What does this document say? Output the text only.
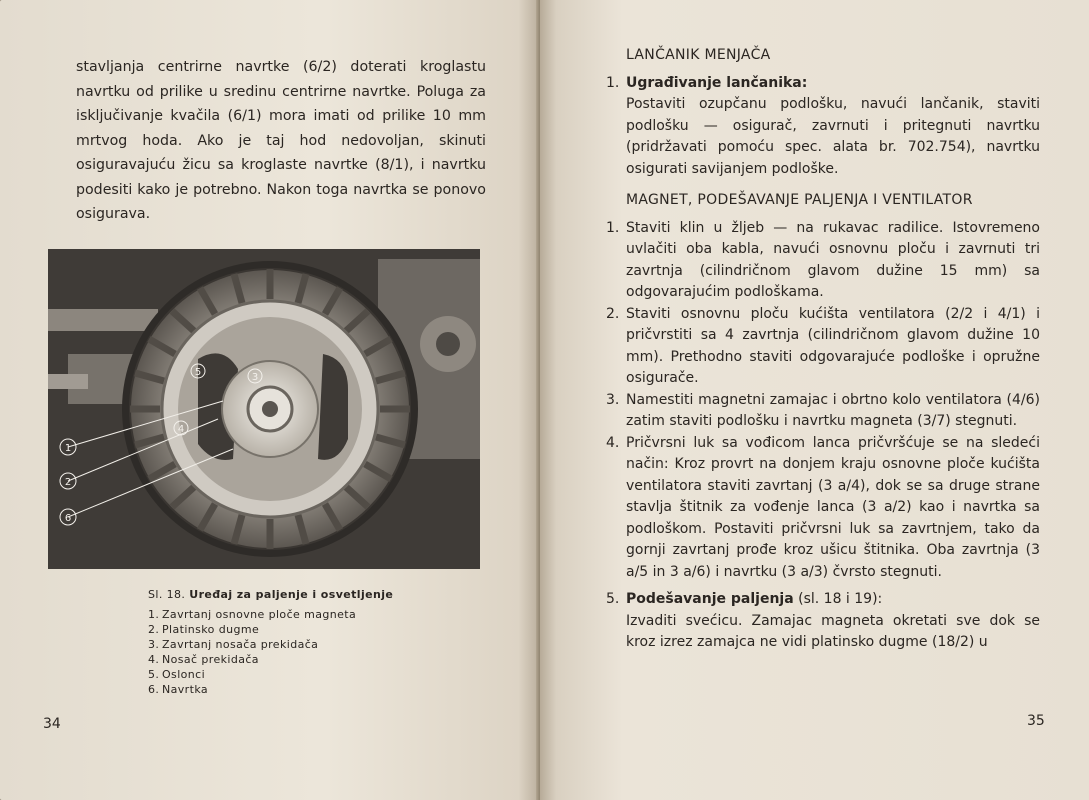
stavljanja centrirne navrtke (6/2) doterati kroglastu navrtku od prilike u sredinu centrirne navrtke. Poluga za isključivanje kvačila (6/1) mora imati od prilike 10 mm mrtvog hoda. Ako je taj hod nedovoljan, skinuti osiguravajuću žicu sa kroglaste navrtke (8/1), i navrtku podesiti kako je potrebno. Nakon toga navrtka se ponovo osigurava.
1
2
6
3
5
4
Sl. 18. Uređaj za paljenje i osvetljenje
1. Zavrtanj osnovne ploče magneta
2. Platinsko dugme
3. Zavrtanj nosača prekidača
4. Nosač prekidača
5. Oslonci
6. Navrtka
34
LANČANIK MENJAČA
1. Ugrađivanje lančanika:
Postaviti ozupčanu podlošku, navući lančanik, staviti podlošku — osigurač, zavrnuti i pritegnuti navrtku (pridržavati pomoću spec. alata br. 702.754), navrtku osigurati savijanjem podloške.
MAGNET, PODEŠAVANJE PALJENJA I VENTILATOR
1. Staviti klin u žljeb — na rukavac radilice. Istovremeno uvlačiti oba kabla, navući osnovnu ploču i zavrnuti tri zavrtnja (cilindričnom glavom dužine 15 mm) sa odgovarajućim podloškama.
2. Staviti osnovnu ploču kućišta ventilatora (2/2 i 4/1) i pričvrstiti sa 4 zavrtnja (cilindričnom glavom dužine 10 mm). Prethodno staviti odgovarajuće podloške i opružne osigurače.
3. Namestiti magnetni zamajac i obrtno kolo ventilatora (4/6) zatim staviti podlošku i navrtku magneta (3/7) stegnuti.
4. Pričvrsni luk sa vođicom lanca pričvršćuje se na sledeći način: Kroz provrt na donjem kraju osnovne ploče kućišta ventilatora staviti zavrtanj (3 a/4), dok se sa druge strane stavlja štitnik za vođenje lanca (3 a/2) kao i navrtka sa podloškom. Postaviti pričvrsni luk sa zavrtnjem, tako da gornji zavrtanj prođe kroz ušicu štitnika. Oba zavrtnja (3 a/5 in 3 a/6) i navrtku (3 a/3) čvrsto stegnuti.
5. Podešavanje paljenja (sl. 18 i 19):
Izvaditi svećicu. Zamajac magneta okretati sve dok se kroz izrez zamajca ne vidi platinsko dugme (18/2) u
35
